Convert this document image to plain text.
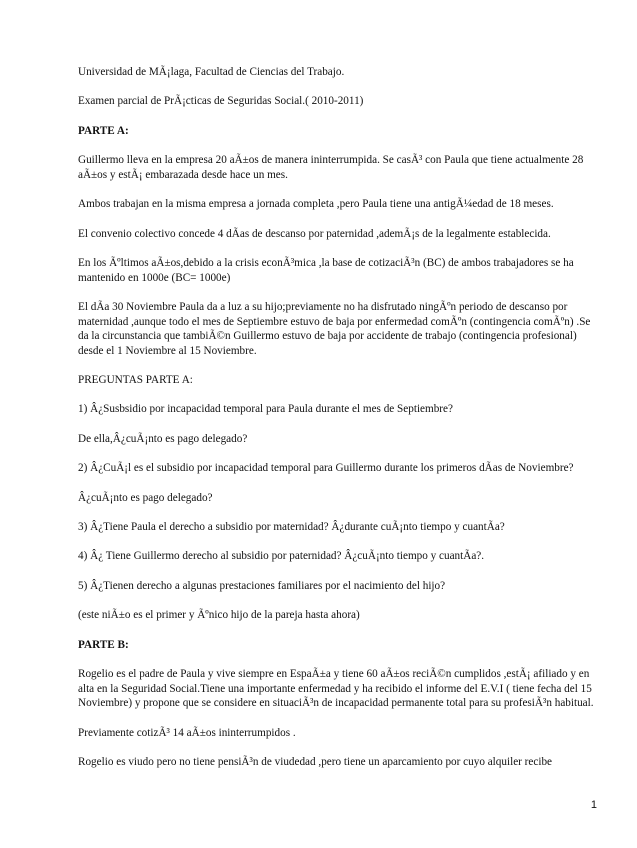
Universidad de MÃ¡laga, Facultad de Ciencias del Trabajo.

Examen parcial de PrÃ¡cticas de Seguridas Social.( 2010-2011)

PARTE A:

Guillermo lleva en la empresa 20 aÃ±os de manera ininterrumpida. Se casÃ³ con Paula que tiene actualmente 28 aÃ±os y estÃ¡ embarazada desde hace un mes.

Ambos trabajan en la misma empresa a jornada completa ,pero Paula tiene una antigÃ¼edad de 18 meses.

El convenio colectivo concede 4 dÃas de descanso por paternidad ,ademÃ¡s de la legalmente establecida.

En los Ãºltimos aÃ±os,debido a la crisis econÃ³mica ,la base de cotizaciÃ³n (BC) de ambos trabajadores se ha mantenido en 1000e (BC= 1000e)

El dÃa 30 Noviembre Paula da a luz a su hijo;previamente no ha disfrutado ningÃºn periodo de descanso por maternidad ,aunque todo el mes de Septiembre estuvo de baja por enfermedad comÃºn (contingencia comÃºn) .Se da la circunstancia que tambiÃ©n Guillermo estuvo de baja por accidente de trabajo (contingencia profesional) desde el 1 Noviembre al 15 Noviembre.

PREGUNTAS PARTE A:

1) Â¿Susbsidio por incapacidad temporal para Paula durante el mes de Septiembre?

De ella,Â¿cuÃ¡nto es pago delegado?

2) Â¿CuÃ¡l es el subsidio por incapacidad temporal para Guillermo durante los primeros dÃas de Noviembre?

Â¿cuÃ¡nto es pago delegado?

3) Â¿Tiene Paula el derecho a subsidio por maternidad? Â¿durante cuÃ¡nto tiempo y cuantÃa?

4) Â¿ Tiene Guillermo derecho al subsidio por paternidad? Â¿cuÃ¡nto tiempo y cuantÃa?.

5) Â¿Tienen derecho a algunas prestaciones familiares por el nacimiento del hijo?

(este niÃ±o es el primer y Ãºnico hijo de la pareja hasta ahora)

PARTE B:

Rogelio es el padre de Paula y vive siempre en EspaÃ±a y tiene 60 aÃ±os reciÃ©n cumplidos ,estÃ¡ afiliado y en alta en la Seguridad Social.Tiene una importante enfermedad y ha recibido el informe del E.V.I ( tiene fecha del 15 Noviembre) y propone que se considere en situaciÃ³n de incapacidad permanente total para su profesiÃ³n habitual.

Previamente cotizÃ³ 14 aÃ±os ininterrumpidos .

Rogelio es viudo pero no tiene pensiÃ³n de viudedad ,pero tiene un aparcamiento por cuyo alquiler recibe

1
